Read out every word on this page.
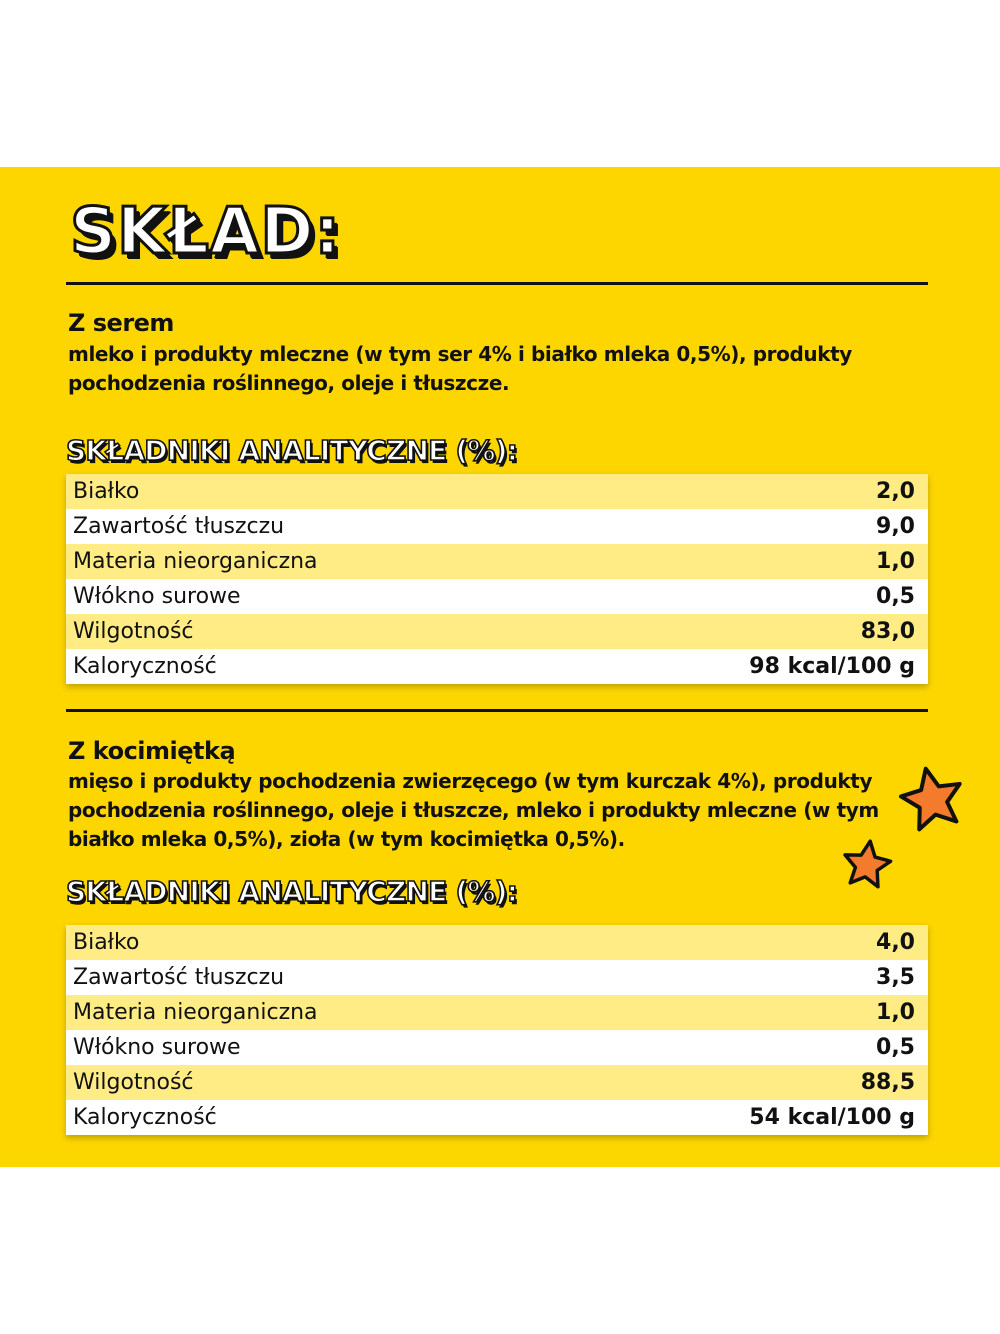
SKŁAD:
Z serem
mleko i produkty mleczne (w tym ser 4% i białko mleka 0,5%), produkty pochodzenia roślinnego, oleje i tłuszcze.
SKŁADNIKI ANALITYCZNE (%):
Białko	2,0
Zawartość tłuszczu	9,0
Materia nieorganiczna	1,0
Włókno surowe	0,5
Wilgotność	83,0
Kaloryczność	98 kcal/100 g
Z kocimiętką
mięso i produkty pochodzenia zwierzęcego (w tym kurczak 4%), produkty pochodzenia roślinnego, oleje i tłuszcze, mleko i produkty mleczne (w tym białko mleka 0,5%), zioła (w tym kocimiętka 0,5%).
SKŁADNIKI ANALITYCZNE (%):
Białko	4,0
Zawartość tłuszczu	3,5
Materia nieorganiczna	1,0
Włókno surowe	0,5
Wilgotność	88,5
Kaloryczność	54 kcal/100 g
